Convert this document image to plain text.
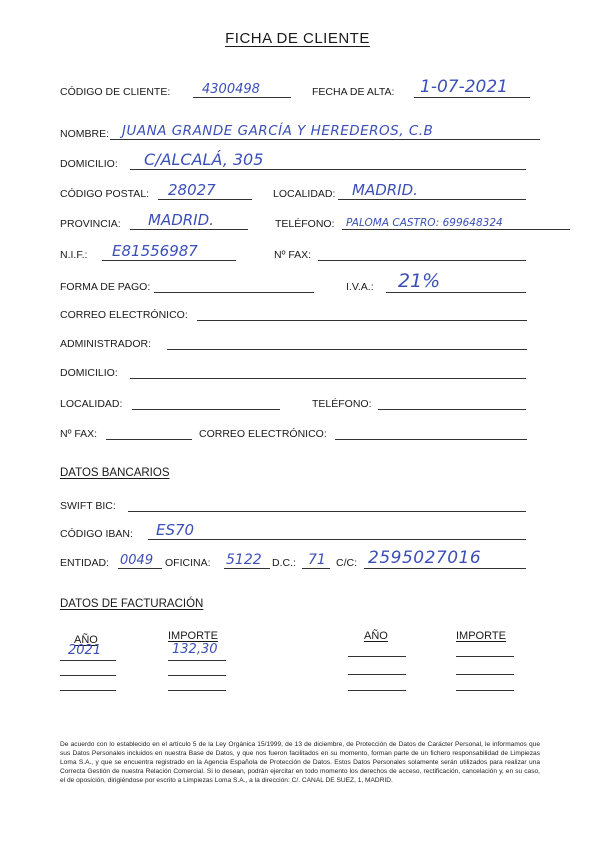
FICHA DE CLIENTE
CÓDIGO DE CLIENTE: 4300498	FECHA DE ALTA: 1-07-2021
NOMBRE: JUANA GRANDE GARCÍA Y HEREDEROS, C.B
DOMICILIO: C/ALCALÁ, 305
CÓDIGO POSTAL: 28027	LOCALIDAD: MADRID.
PROVINCIA: MADRID.	TELÉFONO: PALOMA CASTRO: 699648324
N.I.F.: E81556987	Nº FAX:
FORMA DE PAGO:	I.V.A.: 21%
CORREO ELECTRÓNICO:
ADMINISTRADOR:
DOMICILIO:
LOCALIDAD:	TELÉFONO:
Nº FAX:	CORREO ELECTRÓNICO:
DATOS BANCARIOS
SWIFT BIC:
CÓDIGO IBAN: ES70
ENTIDAD: 0049 OFICINA: 5122 D.C.: 71 C/C: 2595027016
DATOS DE FACTURACIÓN
AÑO	IMPORTE	AÑO	IMPORTE
2021	132,30
De acuerdo con lo establecido en el artículo 5 de la Ley Orgánica 15/1999, de 13 de diciembre, de Protección de Datos de Carácter Personal, le informamos que sus Datos Personales incluidos en nuestra Base de Datos, y que nos fueron facilitados en su momento, forman parte de un fichero responsabilidad de Limpiezas Loma S.A., y que se encuentra registrado en la Agencia Española de Protección de Datos. Estos Datos Personales solamente serán utilizados para realizar una Correcta Gestión de nuestra Relación Comercial. Si lo desean, podrán ejercitar en todo momento los derechos de acceso, rectificación, cancelación y, en su caso, el de oposición, dirigiéndose por escrito a Limpiezas Loma S.A., a la dirección: C/. CANAL DE SUEZ, 1, MADRID.
